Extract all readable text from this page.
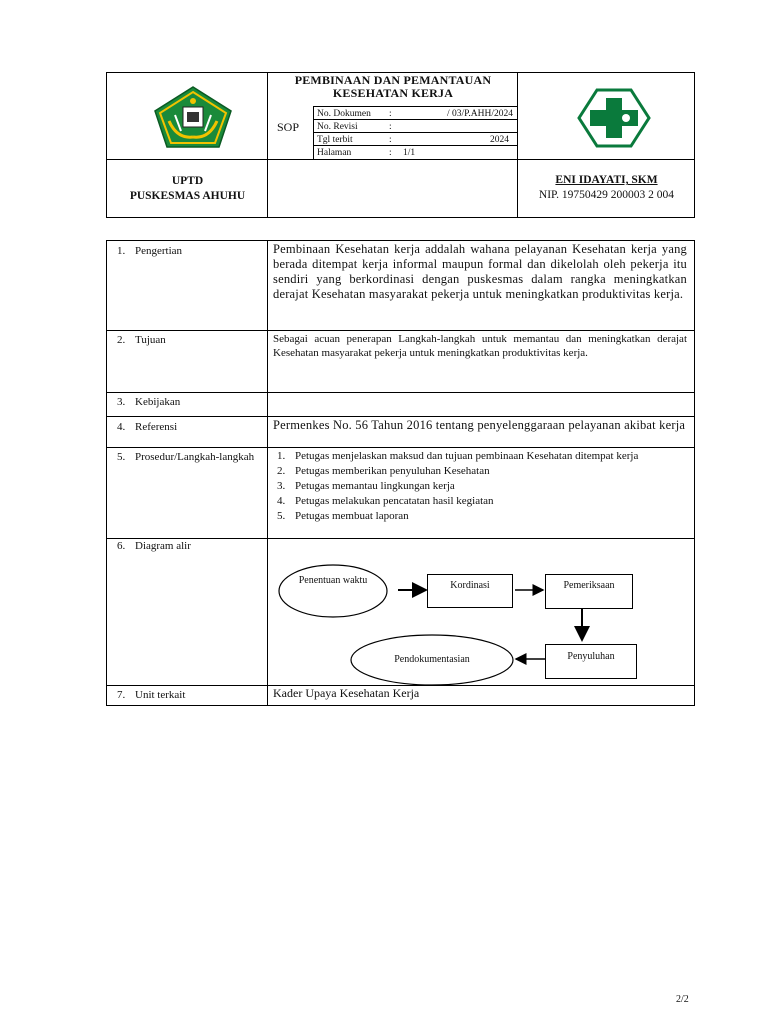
PEMBINAAN DAN PEMANTAUAN
KESEHATAN KERJA
SOP
No. Dokumen :	/ 03/P.AHH/2024
No. Revisi	:
Tgl terbit	:	2024
Halaman	: 1/1
UPTD
PUSKESMAS AHUHU
ENI IDAYATI, SKM
NIP. 19750429 200003 2 004
1. Pengertian	Pembinaan Kesehatan kerja addalah wahana pelayanan Kesehatan kerja yang berada ditempat kerja informal maupun formal dan dikelolah oleh pekerja itu sendiri yang berkordinasi dengan puskesmas dalam rangka meningkatkan derajat Kesehatan masyarakat pekerja untuk meningkatkan produktivitas kerja.
2. Tujuan	Sebagai acuan penerapan Langkah-langkah untuk memantau dan meningkatkan derajat Kesehatan masyarakat pekerja untuk meningkatkan produktivitas kerja.
3. Kebijakan
4. Referensi	Permenkes No. 56 Tahun 2016 tentang penyelenggaraan pelayanan akibat kerja
5. Prosedur/Langkah-langkah 1. Petugas menjelaskan maksud dan tujuan pembinaan Kesehatan ditempat kerja
2. Petugas memberikan penyuluhan Kesehatan
3. Petugas memantau lingkungan kerja
4. Petugas melakukan pencatatan hasil kegiatan
5. Petugas membuat laporan
6. Diagram alir
Penentuan waktu	Kordinasi	Pemeriksaan
Penyuluhan
Pendokumentasian
7. Unit terkait	Kader Upaya Kesehatan Kerja
2/2
